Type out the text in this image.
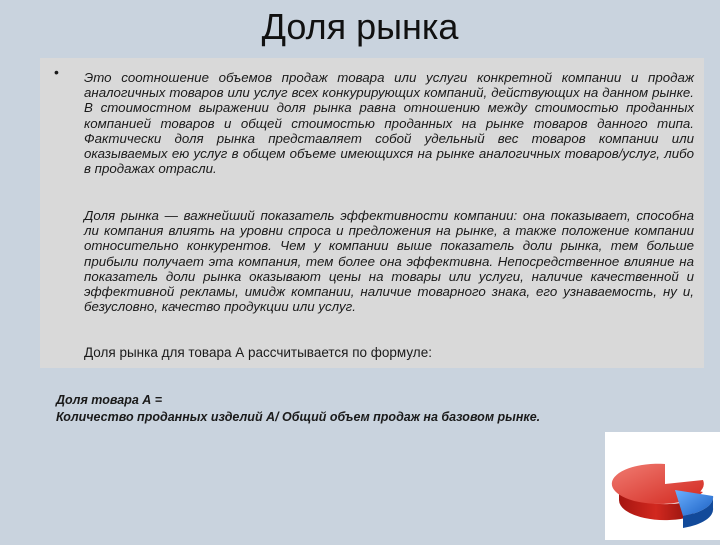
Доля рынка
• Это соотношение объемов продаж товара или услуги конкретной компании и продаж аналогичных товаров или услуг всех конкурирующих компаний, действующих на данном рынке. В стоимостном выражении доля рынка равна отношению между стоимостью проданных компанией товаров и общей стоимостью проданных на рынке товаров данного типа. Фактически доля рынка представляет собой удельный вес товаров компании или оказываемых ею услуг в общем объеме имеющихся на рынке аналогичных товаров/услуг, либо в продажах отрасли.
Доля рынка — важнейший показатель эффективности компании: она показывает, способна ли компания влиять на уровни спроса и предложения на рынке, а также положение компании относительно конкурентов. Чем у компании выше показатель доли рынка, тем больше прибыли получает эта компания, тем более она эффективна. Непосредственное влияние на показатель доли рынка оказывают цены на товары или услуги, наличие качественной и эффективной рекламы, имидж компании, наличие товарного знака, его узнаваемость, ну и, безусловно, качество продукции или услуг.
Доля рынка для товара А рассчитывается по формуле:
Доля товара А =
Количество проданных изделий А/ Общий объем продаж на базовом рынке.
